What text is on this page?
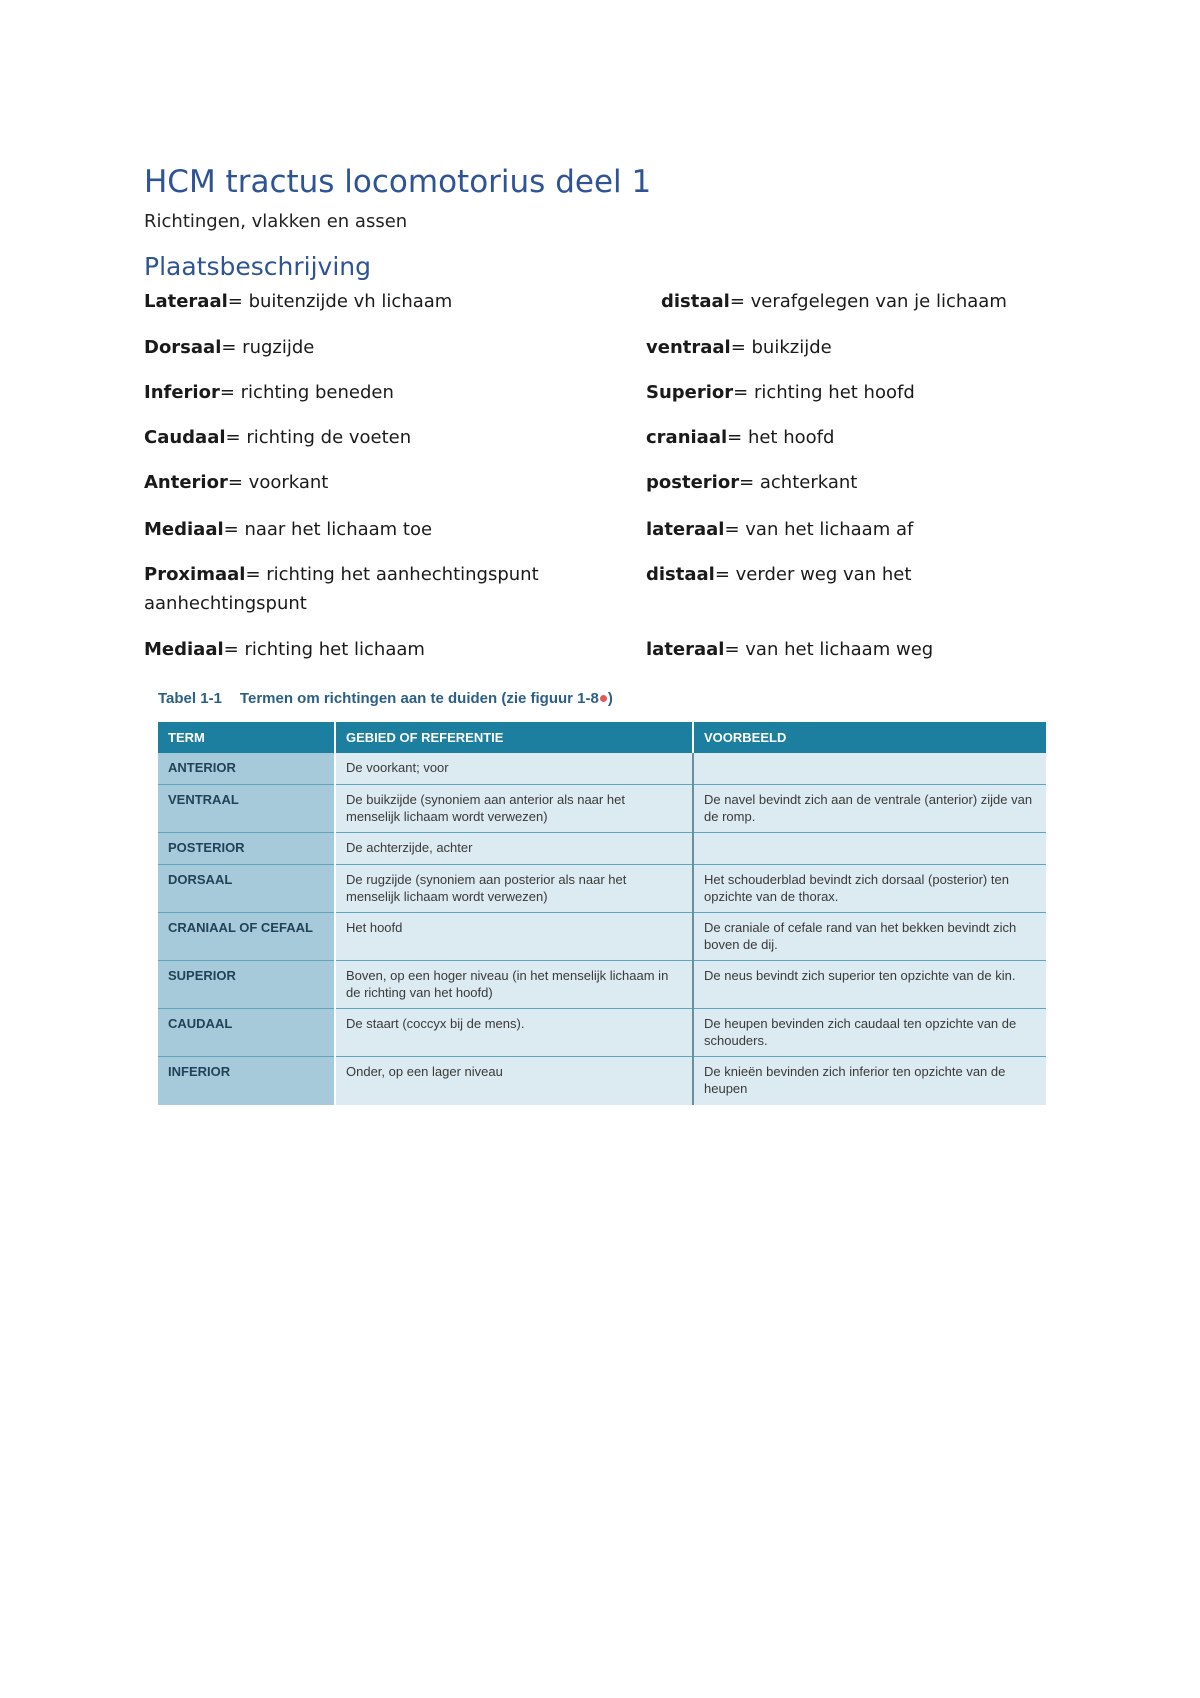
HCM tractus locomotorius deel 1
Richtingen, vlakken en assen
Plaatsbeschrijving
Lateraal= buitenzijde vh lichaam	distaal= verafgelegen van je lichaam
Dorsaal= rugzijde	ventraal= buikzijde
Inferior= richting beneden	Superior= richting het hoofd
Caudaal= richting de voeten	craniaal= het hoofd
Anterior= voorkant	posterior= achterkant
Mediaal= naar het lichaam toe	lateraal= van het lichaam af
Proximaal= richting het aanhechtingspunt	distaal= verder weg van het
aanhechtingspunt
Mediaal= richting het lichaam	lateraal= van het lichaam weg
Tabel 1-1 Termen om richtingen aan te duiden (zie figuur 1-8 )
TERM	GEBIED OF REFERENTIE	VOORBEELD
ANTERIOR	De voorkant; voor	
VENTRAAL	De buikzijde (synoniem aan anterior als naar het menselijk lichaam wordt verwezen)	De navel bevindt zich aan de ventrale (anterior) zijde van de romp.
POSTERIOR	De achterzijde, achter	
DORSAAL	De rugzijde (synoniem aan posterior als naar het menselijk lichaam wordt verwezen)	Het schouderblad bevindt zich dorsaal (posterior) ten opzichte van de thorax.
CRANIAAL OF CEFAAL	Het hoofd	De craniale of cefale rand van het bekken bevindt zich boven de dij.
SUPERIOR	Boven, op een hoger niveau (in het menselijk lichaam in de richting van het hoofd)	De neus bevindt zich superior ten opzichte van de kin.
CAUDAAL	De staart (coccyx bij de mens).	De heupen bevinden zich caudaal ten opzichte van de schouders.
INFERIOR	Onder, op een lager niveau	De knieën bevinden zich inferior ten opzichte van de heupen
